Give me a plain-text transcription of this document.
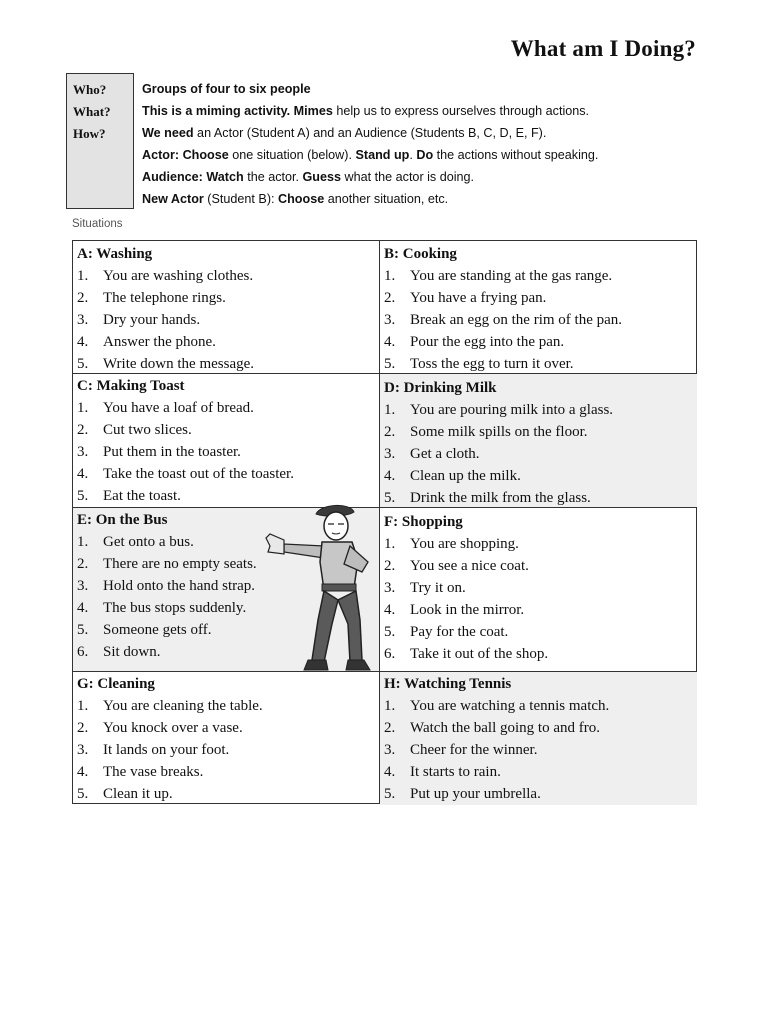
What am I Doing?
Who?
What?
How?
Groups of four to six people
This is a miming activity. Mimes help us to express ourselves through actions.
We need an Actor (Student A) and an Audience (Students B, C, D, E, F).
Actor: Choose one situation (below). Stand up. Do the actions without speaking.
Audience: Watch the actor. Guess what the actor is doing.
New Actor (Student B): Choose another situation, etc.
Situations
A: Washing
1. You are washing clothes.
2. The telephone rings.
3. Dry your hands.
4. Answer the phone.
5. Write down the message.
B: Cooking
1. You are standing at the gas range.
2. You have a frying pan.
3. Break an egg on the rim of the pan.
4. Pour the egg into the pan.
5. Toss the egg to turn it over.
C: Making Toast
1. You have a loaf of bread.
2. Cut two slices.
3. Put them in the toaster.
4. Take the toast out of the toaster.
5. Eat the toast.
D: Drinking Milk
1. You are pouring milk into a glass.
2. Some milk spills on the floor.
3. Get a cloth.
4. Clean up the milk.
5. Drink the milk from the glass.
E: On the Bus
1. Get onto a bus.
2. There are no empty seats.
3. Hold onto the hand strap.
4. The bus stops suddenly.
5. Someone gets off.
6. Sit down.
F: Shopping
1. You are shopping.
2. You see a nice coat.
3. Try it on.
4. Look in the mirror.
5. Pay for the coat.
6. Take it out of the shop.
G: Cleaning
1. You are cleaning the table.
2. You knock over a vase.
3. It lands on your foot.
4. The vase breaks.
5. Clean it up.
H: Watching Tennis
1. You are watching a tennis match.
2. Watch the ball going to and fro.
3. Cheer for the winner.
4. It starts to rain.
5. Put up your umbrella.
